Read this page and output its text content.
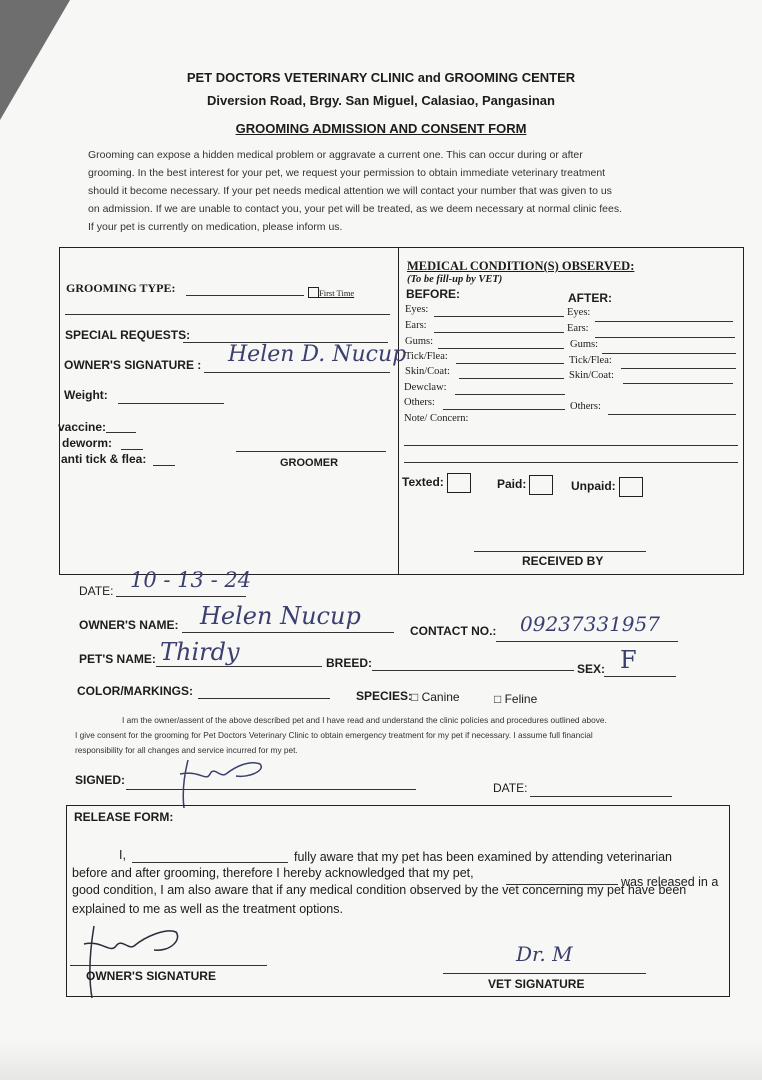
PET DOCTORS VETERINARY CLINIC and GROOMING CENTER
Diversion Road, Brgy. San Miguel, Calasiao, Pangasinan
GROOMING ADMISSION AND CONSENT FORM
Grooming can expose a hidden medical problem or aggravate a current one. This can occur during or after
grooming. In the best interest for your pet, we request your permission to obtain immediate veterinary treatment
should it become necessary. If your pet needs medical attention we will contact your number that was given to us
on admission. If we are unable to contact you, your pet will be treated, as we deem necessary at normal clinic fees.
If your pet is currently on medication, please inform us.
GROOMING TYPE:	First Time
SPECIAL REQUESTS:
OWNER'S SIGNATURE : Helen D. Nucup
Weight:
vaccine:
deworm:
anti tick & flea:	GROOMER
MEDICAL CONDITION(S) OBSERVED:
(To be fill-up by VET)
BEFORE:	AFTER:
Eyes:	Eyes:
Ears:	Ears:
Gums:	Gums:
Tick/Flea:	Tick/Flea:
Skin/Coat:	Skin/Coat:
Dewclaw:
Others:	Others:
Note/ Concern:
Texted:	Paid:	Unpaid:
RECEIVED BY
DATE: 10 - 13 - 24
OWNER'S NAME: Helen Nucup
CONTACT NO.: 09237331957
PET'S NAME: Thirdy	BREED:	SEX: F
COLOR/MARKINGS:	SPECIES:
□ Canine	□ Feline
I am the owner/assent of the above described pet and I have read and understand the clinic policies and procedures outlined above.
I give consent for the grooming for Pet Doctors Veterinary Clinic to obtain emergency treatment for my pet if necessary. I assume full financial
responsibility for all changes and service incurred for my pet.
SIGNED:
DATE:
RELEASE FORM:
I,	fully aware that my pet has been examined by attending veterinarian
before and after grooming, therefore I hereby acknowledged that my pet,
was released in a
good condition, I am also aware that if any medical condition observed by the vet concerning my pet have been
explained to me as well as the treatment options.
OWNER'S SIGNATURE
Dr. M
VET SIGNATURE
